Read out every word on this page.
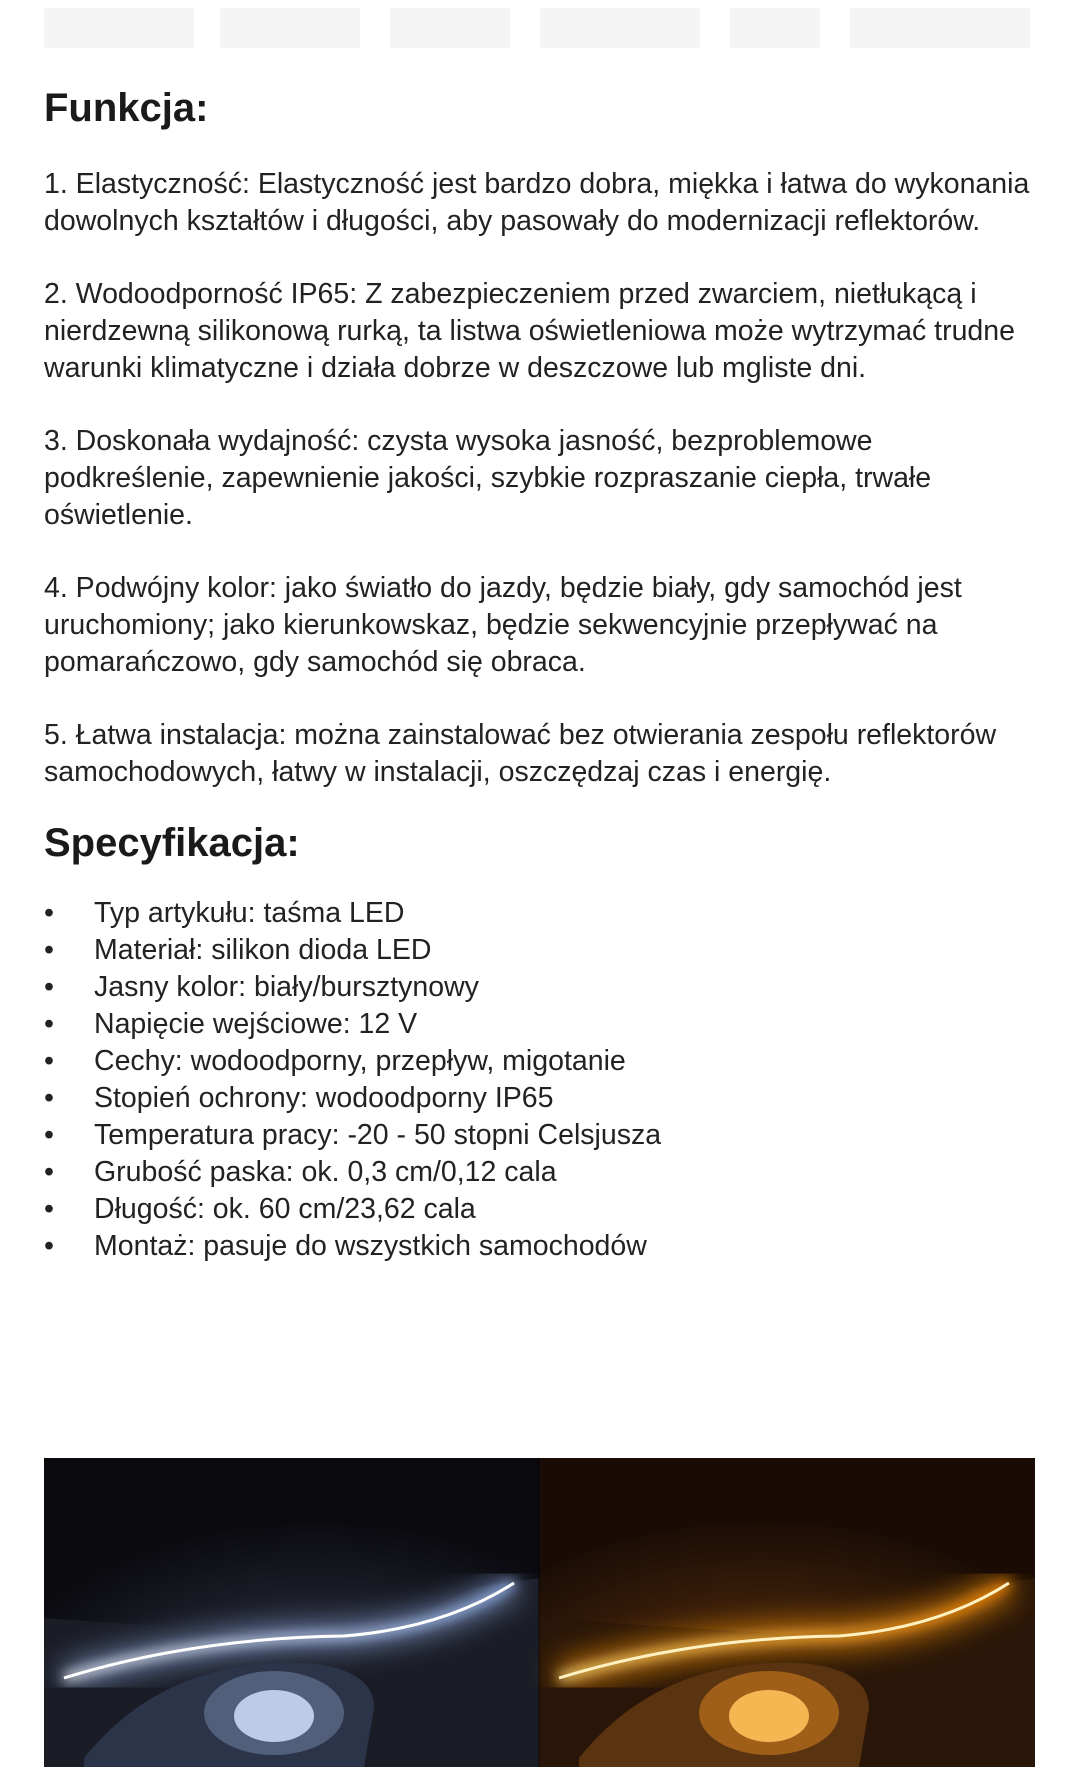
Funkcja:

1. Elastyczność: Elastyczność jest bardzo dobra, miękka i łatwa do wykonania dowolnych kształtów i długości, aby pasowały do modernizacji reflektorów.

2. Wodoodporność IP65: Z zabezpieczeniem przed zwarciem, nietłukącą i nierdzewną silikonową rurką, ta listwa oświetleniowa może wytrzymać trudne warunki klimatyczne i działa dobrze w deszczowe lub mgliste dni.

3. Doskonała wydajność: czysta wysoka jasność, bezproblemowe podkreślenie, zapewnienie jakości, szybkie rozpraszanie ciepła, trwałe oświetlenie.

4. Podwójny kolor: jako światło do jazdy, będzie biały, gdy samochód jest uruchomiony; jako kierunkowskaz, będzie sekwencyjnie przepływać na pomarańczowo, gdy samochód się obraca.

5. Łatwa instalacja: można zainstalować bez otwierania zespołu reflektorów samochodowych, łatwy w instalacji, oszczędzaj czas i energię.

Specyfikacja:
• Typ artykułu: taśma LED
• Materiał: silikon dioda LED
• Jasny kolor: biały/bursztynowy
• Napięcie wejściowe: 12 V
• Cechy: wodoodporny, przepływ, migotanie
• Stopień ochrony: wodoodporny IP65
• Temperatura pracy: -20 - 50 stopni Celsjusza
• Grubość paska: ok. 0,3 cm/0,12 cala
• Długość: ok. 60 cm/23,62 cala
• Montaż: pasuje do wszystkich samochodów
